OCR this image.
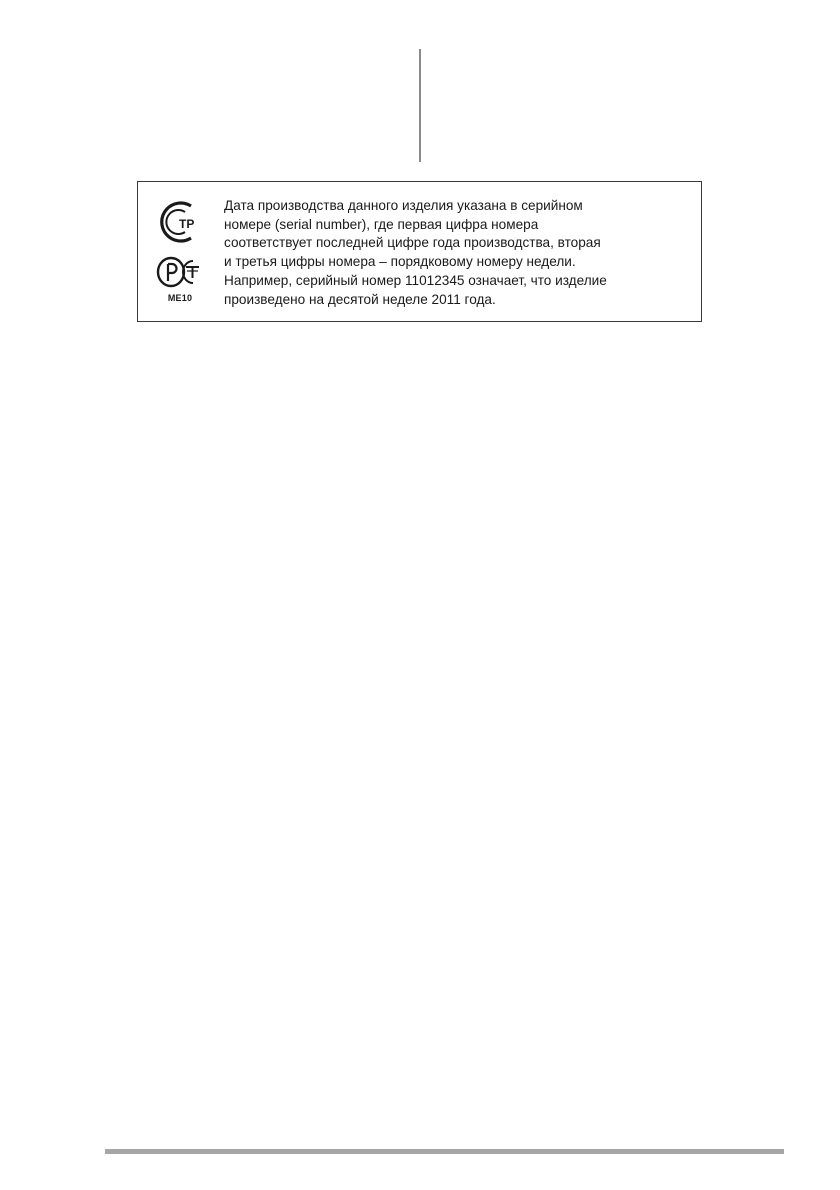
ТР
ME10
Дата производства данного изделия указана в серийном
номере (serial number), где первая цифра номера
соответствует последней цифре года производства, вторая
и третья цифры номера – порядковому номеру недели.
Например, серийный номер 11012345 означает, что изделие
произведено на десятой неделе 2011 года.
